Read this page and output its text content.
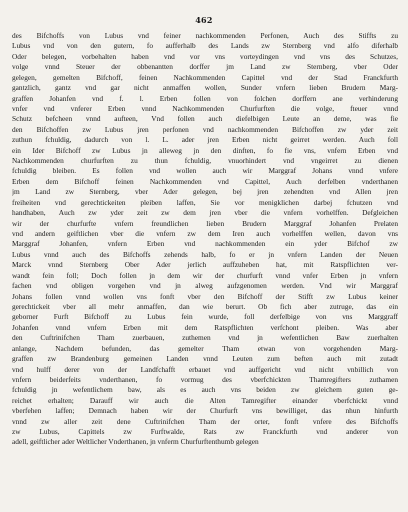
462
des Bifchoffs von Lubus vnd feiner nachkommenden Perfonen, Auch des Stiffts zu
Lubus vnd von den gutern, fo aufferhalb des Lands zw Sternberg vnd alfo diferhalb
Oder belegen, vorbehalten haben vnd vor vns vorteydingen vnd vns des Schutzes,
volge vnnd Steuer der obbenantten dorffer jm Land zw Sternberg, vber Oder
gelegen, gemelten Bifchoff, feinen Nachkommenden Capittel vnd der Stad Franckfurth
gantzlich, gantz vnd gar nicht anmaffen wollen, Sunder vnfern lieben Brudern Marg-
graffen Johanfen vnd f. l. Erben follen von folchen dorffern ane verhinderung
vnfer vnd vnferer Erben vnnd Nachkommenden Churfurften die volge, fteuer vnnd
Schutz befcheen vnnd aufteen, Vnd follen auch diefelbigen Leute an deme, was fie
den Bifchoffen zw Lubus jren perfonen vnd nachkommenden Bifchoffen zw yder zeit
zuthun fchuldig, dadurch von l. L. ader jren Erben nicht geirret werden. Auch foll
ein Ider Bifchoff zw Lubus jn alleweg jn den dinften, fo fie vns, vnfern Erben vnd
Nachkommenden churfurften zu thun fchuldig, vnuorhindert vnd vngeirret zu dienen
fchuldig bleiben. Es follen vnd wollen auch wir Marggraf Johans vnnd vnfere
Erben dem Bifchoff feinen Nachkommenden vnd Capittel, Auch derfelben vnderthanen
jm Land zw Sternberg, vber Ader gelegen, bej jren zehendten vnd Allen jren
freiheiten vnd gerechtickeiten pleiben laffen, Sie vor menigklichen darbej fchutzen vnd
handhaben, Auch zw yder zeit zw dem jren vber die vnfern vorhelffen. Defgleichen
wir der churfurfte vnfern freundlichen lieben Brudern Marggraf Johanfen Prelaten
vnd andern geiftlichen vber die vnfern zw dem Iren auch vorhelffen wellen, davon vns
Marggraf Johanfen, vnfern Erben vnd nachkommenden ein yder Bifchof zw
Lubus vnnd auch des Bifchoffs zehends halb, fo er jn vnfern Landen der Neuen
Marck vnnd Sternberg Ober Ader jerlich auffzuheben hat, mit Ratspflichten ver-
wandt fein foll; Doch follen jn dem wir der churfurft vnnd vnfer Erben jn vnfern
fachen vnd obligen vorgehen vnd jn alweg aufzgenomen werden. Vnd wir Marggraf
Johans follen vnnd wollen vns fonft vber den Bifchoff der Stifft zw Lubus keiner
gerechtickeit vber all mehr anmaffen, dan wie berurt. Ob fich aber zutruge, das ein
geborner Furft Bifchoff zu Lubus fein wurde, foll derfelbige von vns Marggraff
Johanfen vnnd vnfern Erben mit dem Ratspflichten verfchont pleiben. Was aber
den Cuftrinifchen Tham zuerbauen, zuthemen vnd jn wefentlichen Baw zuerhalten
anlange, Nachdem befunden, das gemelter Tham etwan von vorgehenden Marg-
graffen zw Brandenburg gemeinen Landen vnnd Leuten zum beften auch mit zutadt
vnd hulff derer von der Landfchafft erbauet vnd auffgericht vnd nicht vnbillich von
vnfern beiderfeits vnderthanen, fo vormug des vberfchickten Thamregifters zuthamen
fchuldig jn wefentlichem baw, als es auch vns beiden zw gleichem guten ge-
reichet erhalten; Darauff wir auch die Alten Tamregifter einander vberfchickt vnnd
vberfehen laffen; Demnach haben wir der Churfurft vns bewilliget, das nhun hinfurth
vnnd zw aller zeit dene Cuftrinifchen Tham der orter, fonft vnfere des Bifchoffs
zw Lubus, Capittels zw Furftwalde, Rats zw Franckfurth vnd anderer von
adell, geiftlicher ader Weltlicher Vnderthanen, jn vnferm Churfurftenthumb gelegen
